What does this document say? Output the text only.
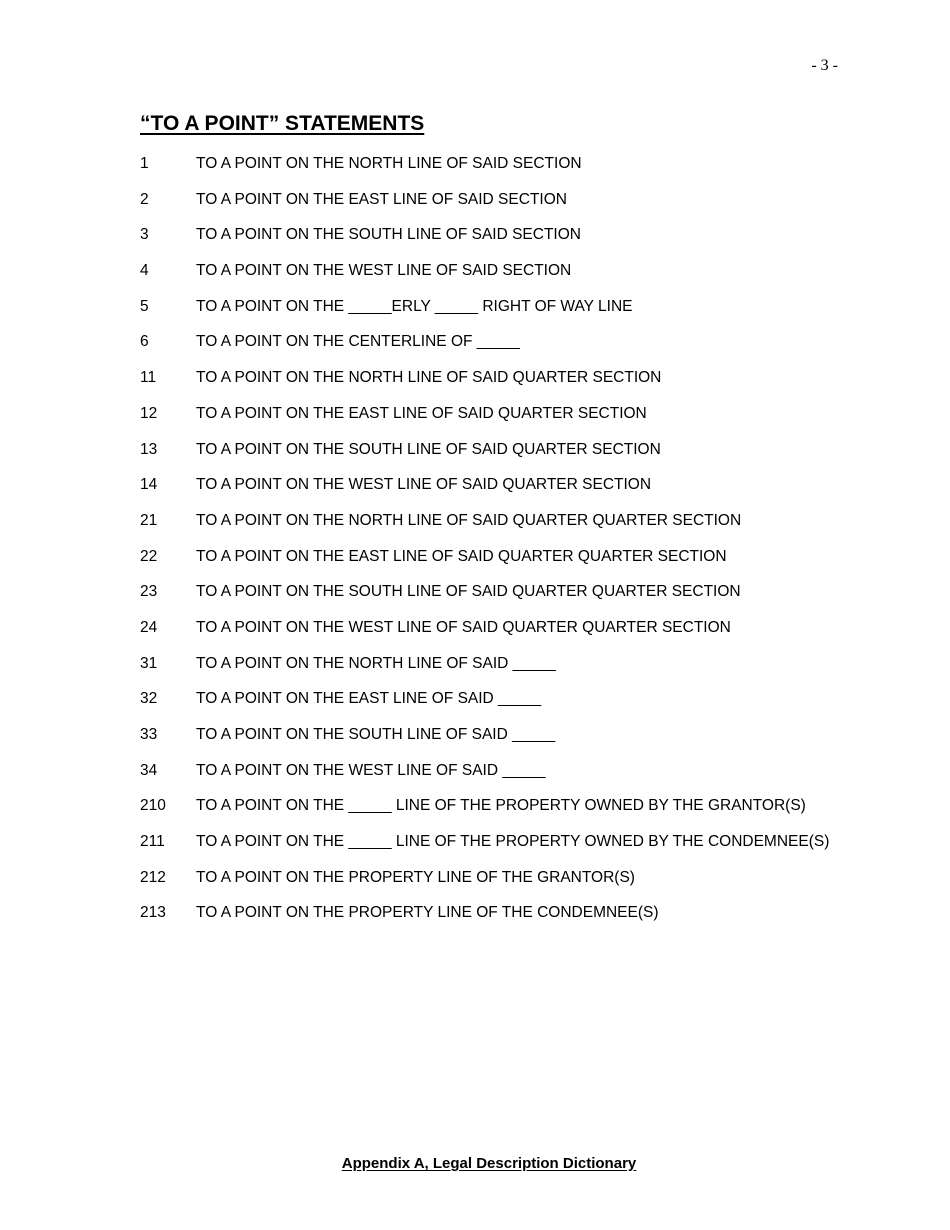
- 3 -
“TO A POINT” STATEMENTS
1	TO A POINT ON THE NORTH LINE OF SAID SECTION
2	TO A POINT ON THE EAST LINE OF SAID SECTION
3	TO A POINT ON THE SOUTH LINE OF SAID SECTION
4	TO A POINT ON THE WEST LINE OF SAID SECTION
5	TO A POINT ON THE _____ERLY _____ RIGHT OF WAY LINE
6	TO A POINT ON THE CENTERLINE OF _____
11	TO A POINT ON THE NORTH LINE OF SAID QUARTER SECTION
12	TO A POINT ON THE EAST LINE OF SAID QUARTER SECTION
13	TO A POINT ON THE SOUTH LINE OF SAID QUARTER SECTION
14	TO A POINT ON THE WEST LINE OF SAID QUARTER SECTION
21	TO A POINT ON THE NORTH LINE OF SAID QUARTER QUARTER SECTION
22	TO A POINT ON THE EAST LINE OF SAID QUARTER QUARTER SECTION
23	TO A POINT ON THE SOUTH LINE OF SAID QUARTER QUARTER SECTION
24	TO A POINT ON THE WEST LINE OF SAID QUARTER QUARTER SECTION
31	TO A POINT ON THE NORTH LINE OF SAID _____
32	TO A POINT ON THE EAST LINE OF SAID _____
33	TO A POINT ON THE SOUTH LINE OF SAID _____
34	TO A POINT ON THE WEST LINE OF SAID _____
210	TO A POINT ON THE _____ LINE OF THE PROPERTY OWNED BY THE GRANTOR(S)
211	TO A POINT ON THE _____ LINE OF THE PROPERTY OWNED BY THE CONDEMNEE(S)
212	TO A POINT ON THE PROPERTY LINE OF THE GRANTOR(S)
213	TO A POINT ON THE PROPERTY LINE OF THE CONDEMNEE(S)
Appendix A, Legal Description Dictionary
